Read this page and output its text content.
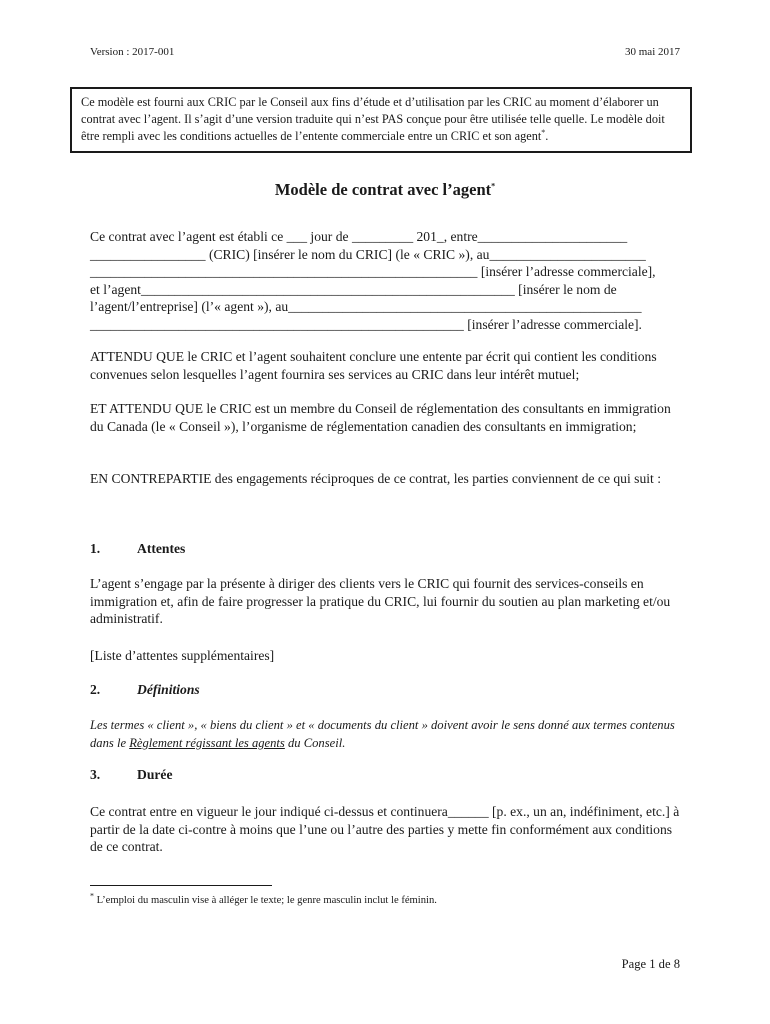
Version : 2017-001	30 mai 2017
Ce modèle est fourni aux CRIC par le Conseil aux fins d’étude et d’utilisation par les CRIC au moment d’élaborer un contrat avec l’agent. Il s’agit d’une version traduite qui n’est PAS conçue pour être utilisée telle quelle. Le modèle doit être rempli avec les conditions actuelles de l’entente commerciale entre un CRIC et son agent*.
Modèle de contrat avec l’agent*
Ce contrat avec l’agent est établi ce ___ jour de _________ 201_, entre______________________
_________________ (CRIC) [insérer le nom du CRIC] (le « CRIC »), au_______________________
_________________________________________________________ [insérer l’adresse commerciale],
et l’agent_______________________________________________________ [insérer le nom de
l’agent/l’entreprise] (l’« agent »), au____________________________________________________
_______________________________________________________ [insérer l’adresse commerciale].
ATTENDU QUE le CRIC et l’agent souhaitent conclure une entente par écrit qui contient les conditions convenues selon lesquelles l’agent fournira ses services au CRIC dans leur intérêt mutuel;
ET ATTENDU QUE le CRIC est un membre du Conseil de réglementation des consultants en immigration du Canada (le « Conseil »), l’organisme de réglementation canadien des consultants en immigration;
EN CONTREPARTIE des engagements réciproques de ce contrat, les parties conviennent de ce qui suit :
1.	Attentes
L’agent s’engage par la présente à diriger des clients vers le CRIC qui fournit des services-conseils en immigration et, afin de faire progresser la pratique du CRIC, lui fournir du soutien au plan marketing et/ou administratif.
[Liste d’attentes supplémentaires]
2.	Définitions
Les termes « client », « biens du client » et « documents du client » doivent avoir le sens donné aux termes contenus dans le Règlement régissant les agents du Conseil.
3.	Durée
Ce contrat entre en vigueur le jour indiqué ci-dessus et continuera______ [p. ex., un an, indéfiniment, etc.] à partir de la date ci-contre à moins que l’une ou l’autre des parties y mette fin conformément aux conditions de ce contrat.
* L’emploi du masculin vise à alléger le texte; le genre masculin inclut le féminin.
Page 1 de 8
